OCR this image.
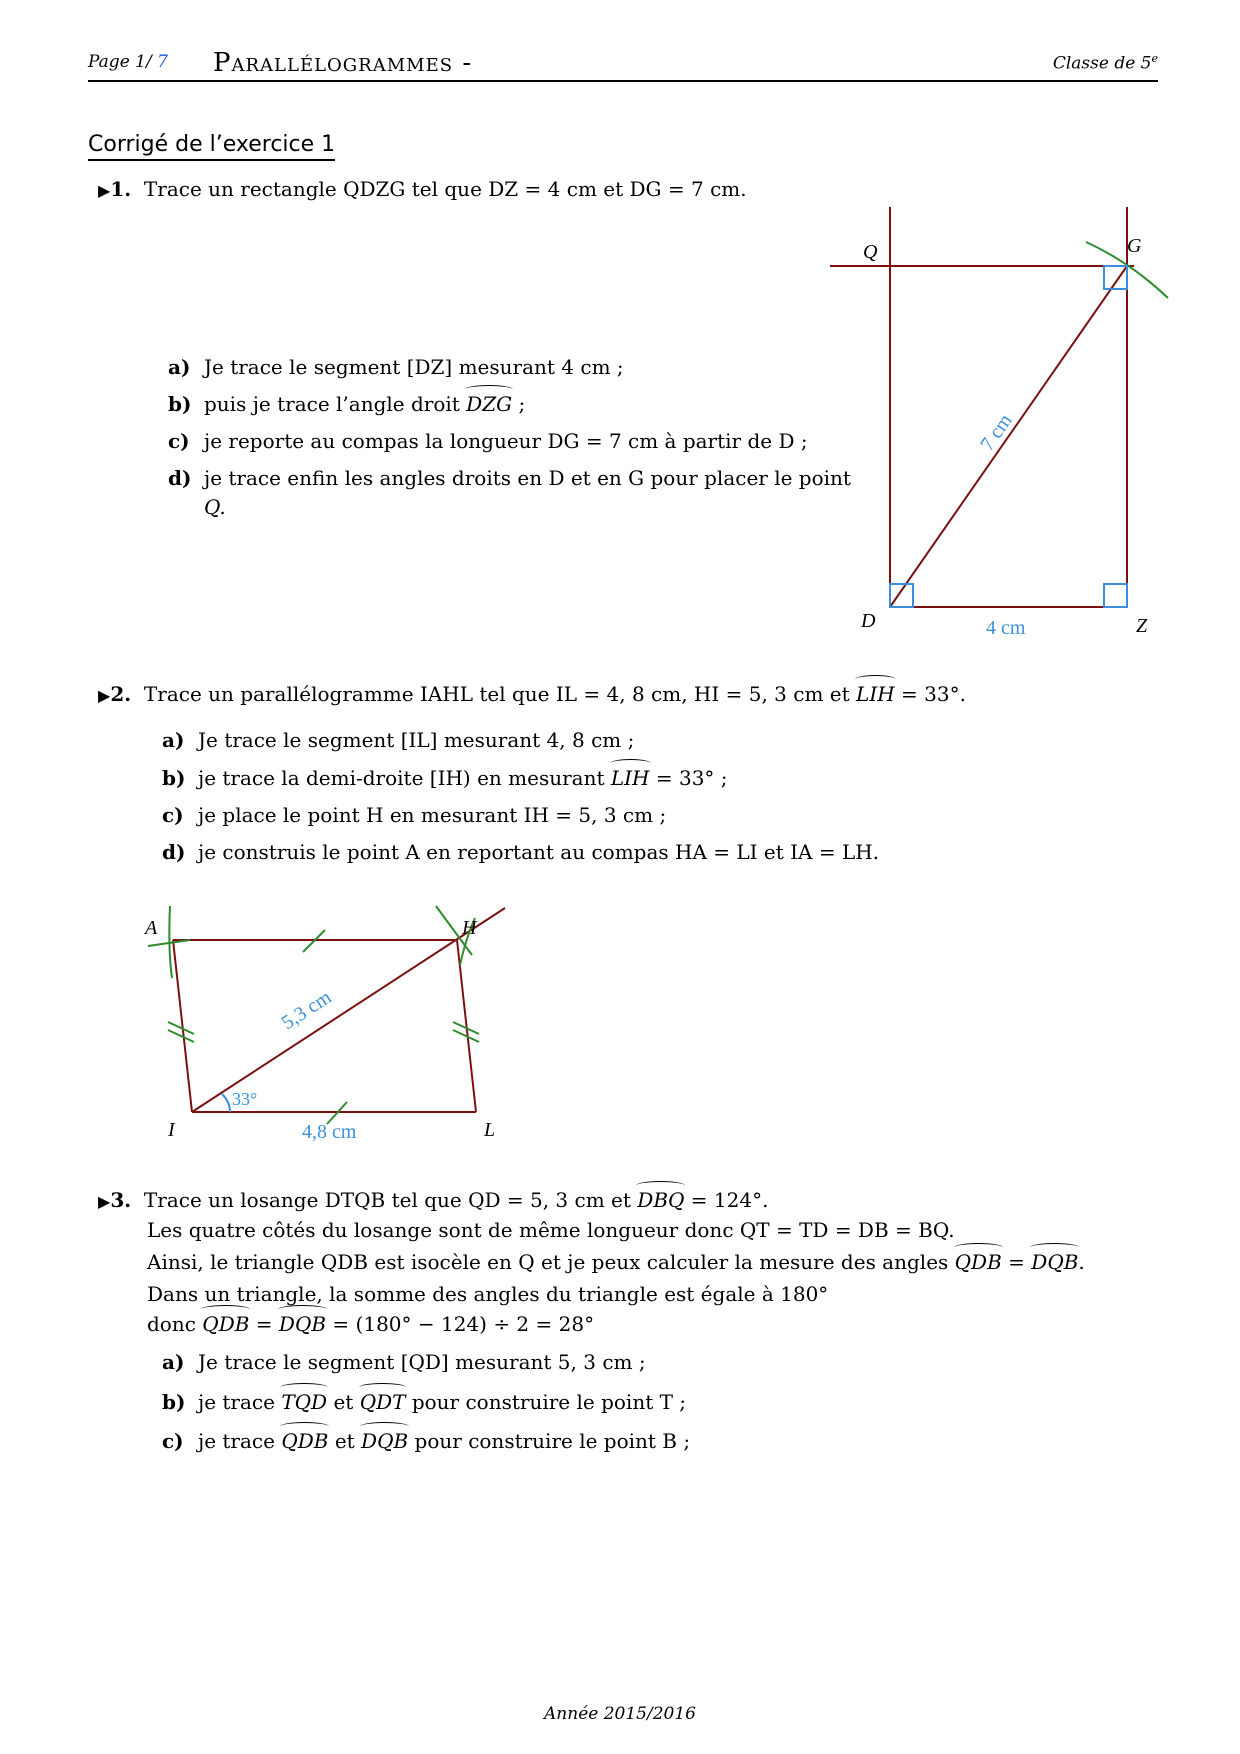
Page 1/ 7 Parallélogrammes -	Classe de 5e
Corrigé de l’exercice 1
▶1. Trace un rectangle QDZG tel que DZ = 4 cm et DG = 7 cm.
a) Je trace le segment [DZ] mesurant 4 cm ;
b) puis je trace l’angle droit DZG ;
c) je reporte au compas la longueur DG = 7 cm à partir de D ;
d) je trace enfin les angles droits en D et en G pour placer le point
Q.
Q	G
D	Z
4 cm
7 cm
▶2. Trace un parallélogramme IAHL tel que IL = 4, 8 cm, HI = 5, 3 cm et LIH = 33°.
a) Je trace le segment [IL] mesurant 4, 8 cm ;
b) je trace la demi-droite [IH) en mesurant LIH = 33° ;
c) je place le point H en mesurant IH = 5, 3 cm ;
d) je construis le point A en reportant au compas HA = LI et IA = LH.
33°
5,3 cm
4,8 cm
A	H
I	L
▶3. Trace un losange DTQB tel que QD = 5, 3 cm et DBQ = 124°.
Les quatre côtés du losange sont de même longueur donc QT = TD = DB = BQ.
Ainsi, le triangle QDB est isocèle en Q et je peux calculer la mesure des angles QDB = DQB.
Dans un triangle, la somme des angles du triangle est égale à 180°
donc QDB = DQB = (180° − 124) ÷ 2 = 28°
a) Je trace le segment [QD] mesurant 5, 3 cm ;
b) je trace TQD et QDT pour construire le point T ;
c) je trace QDB et DQB pour construire le point B ;
Année 2015/2016
